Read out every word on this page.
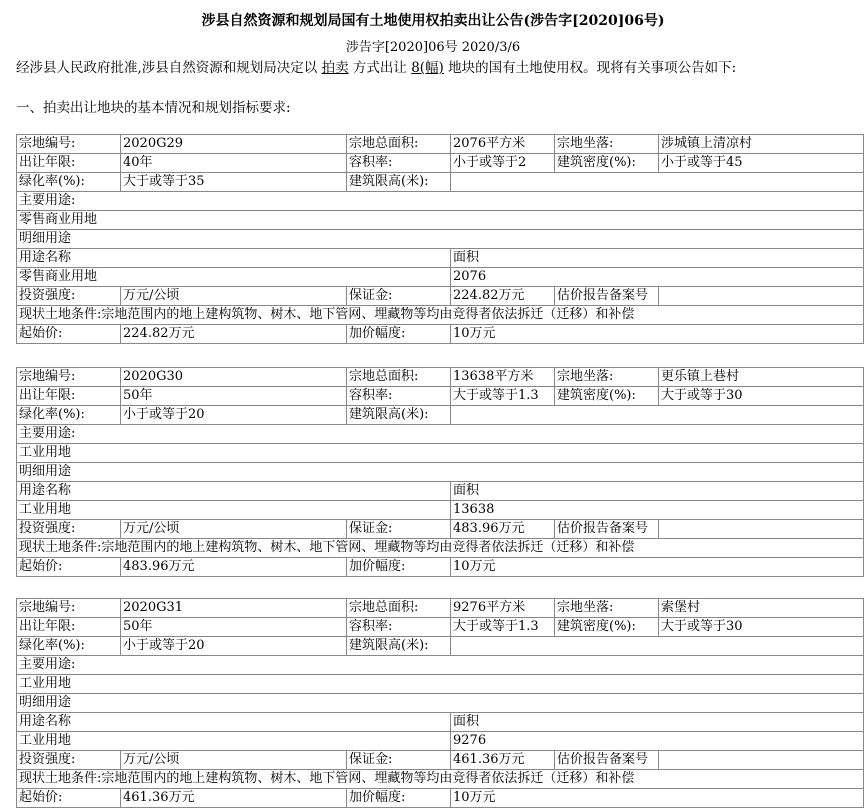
涉县自然资源和规划局国有土地使用权拍卖出让公告(涉告字[2020]06号)
涉告字[2020]06号 2020/3/6
经涉县人民政府批准,涉县自然资源和规划局决定以 拍卖 方式出让 8(幅) 地块的国有土地使用权。现将有关事项公告如下:
一、拍卖出让地块的基本情况和规划指标要求:
宗地编号:	2020G29	宗地总面积:	2076平方米	宗地坐落:	涉城镇上清凉村
出让年限:	40年	容积率:	小于或等于2	建筑密度(%):	小于或等于45
绿化率(%):	大于或等于35	建筑限高(米):			
主要用途:					
零售商业用地					
明细用途					
用途名称			面积		
零售商业用地			2076		
投资强度:	万元/公顷	保证金:	224.82万元	估价报告备案号	
现状土地条件:宗地范围内的地上建构筑物、树木、地下管网、埋藏物等均由竞得者依法拆迁（迁移）和补偿					
起始价:	224.82万元	加价幅度:	10万元		
宗地编号:	2020G30	宗地总面积:	13638平方米	宗地坐落:	更乐镇上巷村
出让年限:	50年	容积率:	大于或等于1.3	建筑密度(%):	大于或等于30
绿化率(%):	小于或等于20	建筑限高(米):			
主要用途:					
工业用地					
明细用途					
用途名称			面积		
工业用地			13638		
投资强度:	万元/公顷	保证金:	483.96万元	估价报告备案号	
现状土地条件:宗地范围内的地上建构筑物、树木、地下管网、埋藏物等均由竞得者依法拆迁（迁移）和补偿					
起始价:	483.96万元	加价幅度:	10万元		
宗地编号:	2020G31	宗地总面积:	9276平方米	宗地坐落:	索堡村
出让年限:	50年	容积率:	大于或等于1.3	建筑密度(%):	大于或等于30
绿化率(%):	小于或等于20	建筑限高(米):			
主要用途:					
工业用地					
明细用途					
用途名称			面积		
工业用地			9276		
投资强度:	万元/公顷	保证金:	461.36万元	估价报告备案号	
现状土地条件:宗地范围内的地上建构筑物、树木、地下管网、埋藏物等均由竞得者依法拆迁（迁移）和补偿					
起始价:	461.36万元	加价幅度:	10万元		
